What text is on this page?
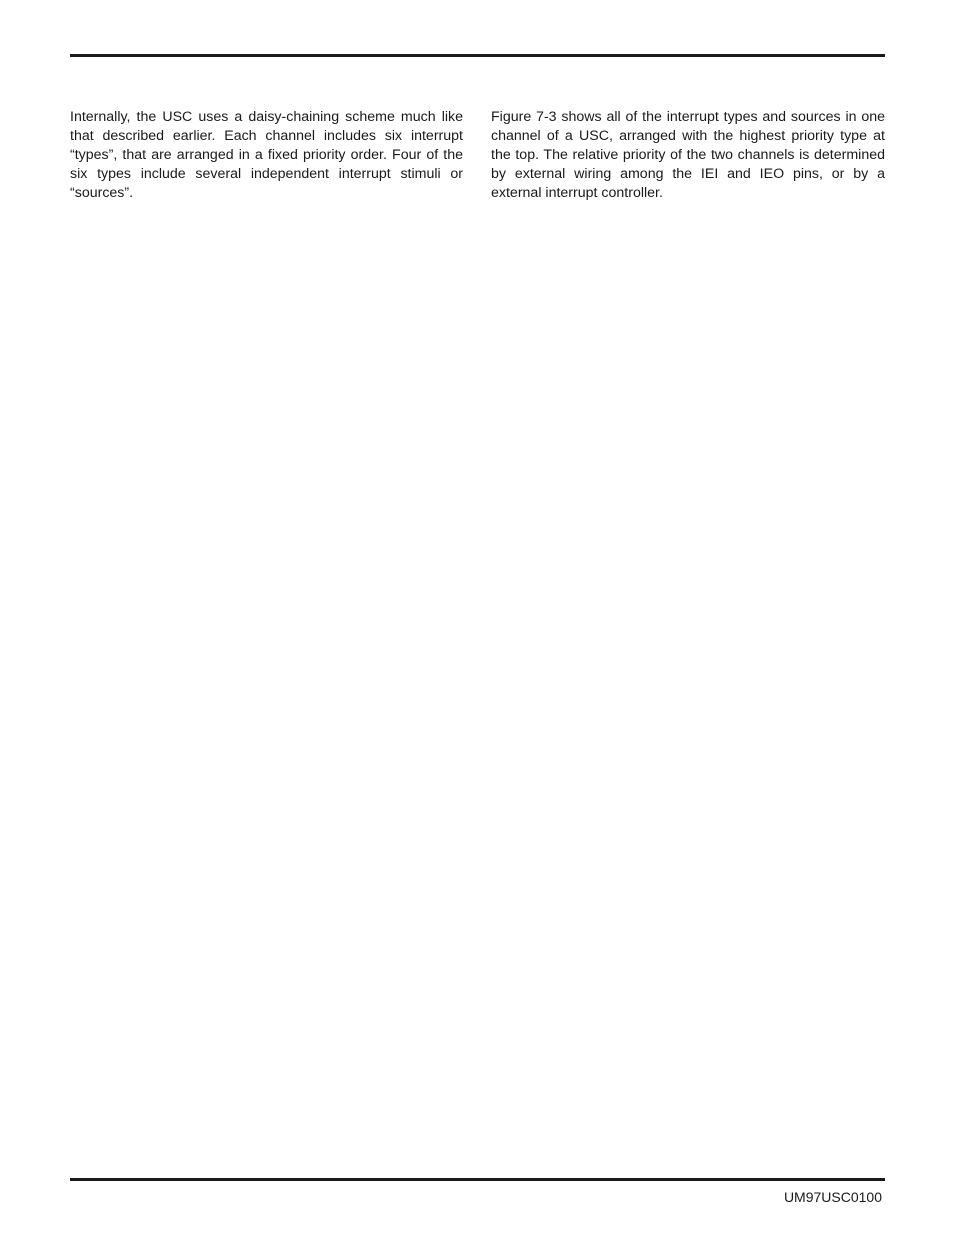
Internally, the USC uses a daisy-chaining scheme much like that described earlier. Each channel includes six interrupt “types”, that are arranged in a fixed priority order. Four of the six types include several independent interrupt stimuli or “sources”.

Figure 7-3 shows all of the interrupt types and sources in one channel of a USC, arranged with the highest priority type at the top. The relative priority of the two channels is determined by external wiring among the IEI and IEO pins, or by a external interrupt controller.

UM97USC0100
